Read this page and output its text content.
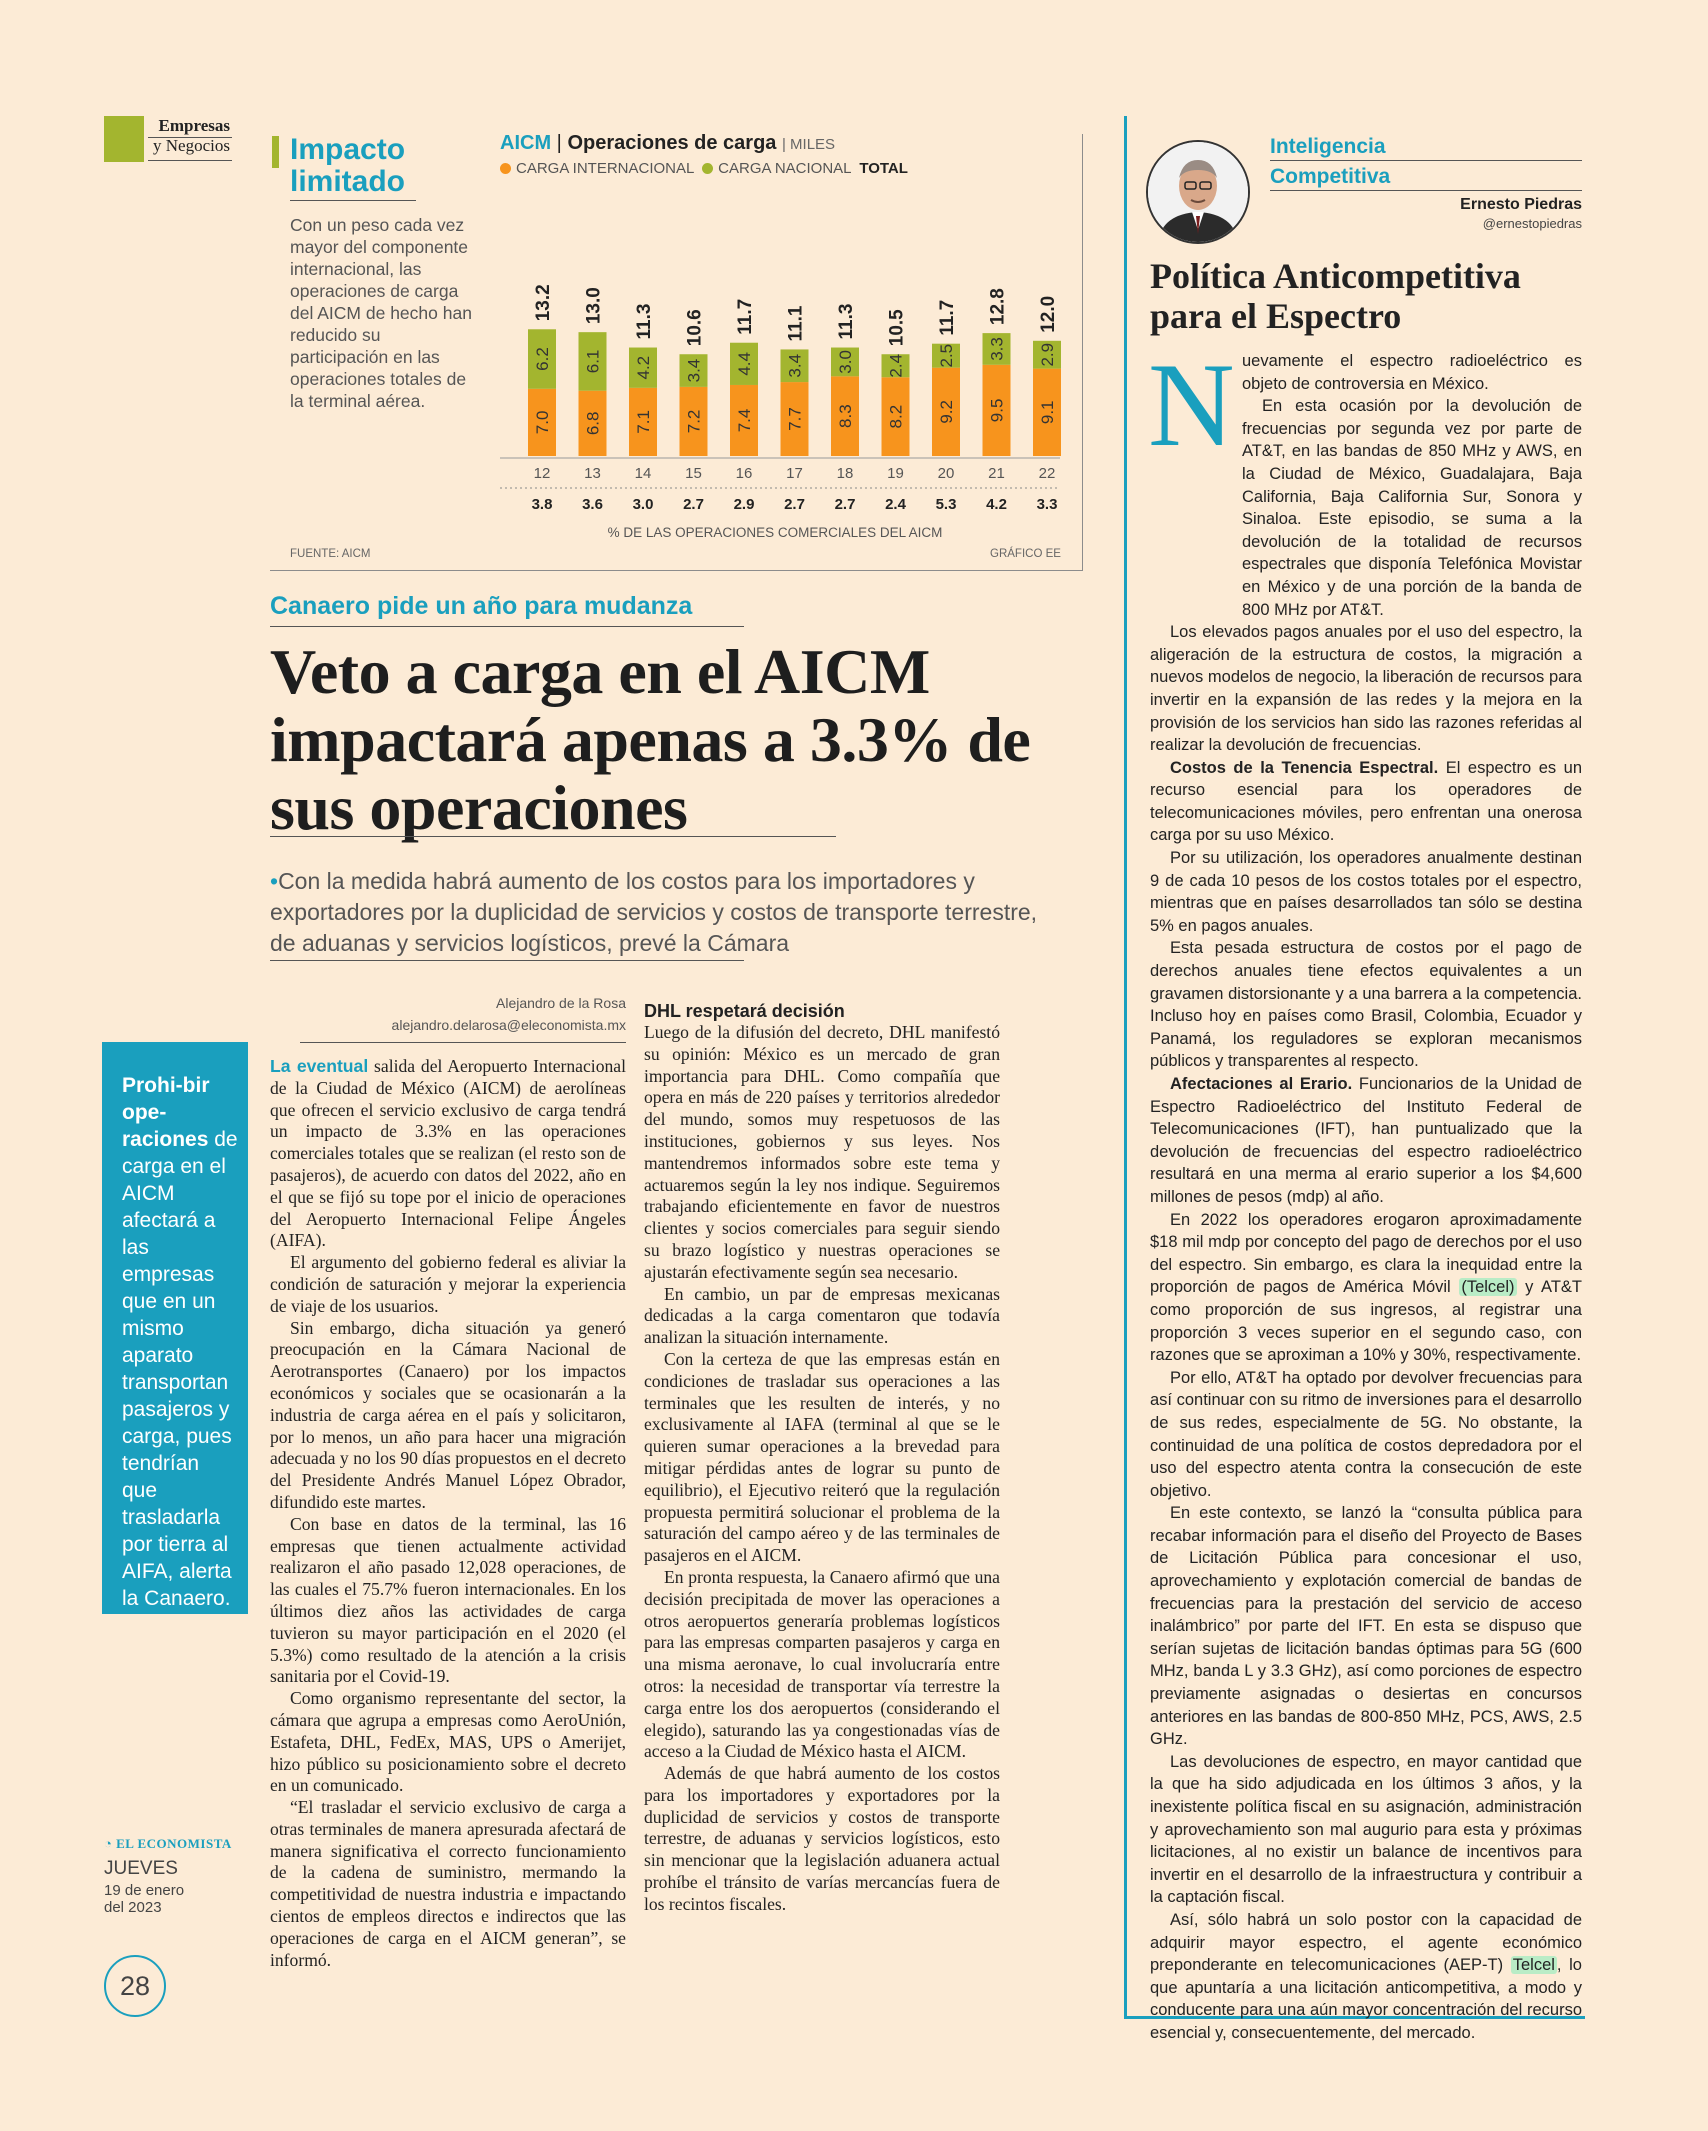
Empresas
y Negocios

Prohi-bir ope-raciones de carga en el AICM afectará a las empresas que en un mismo aparato transportan pasajeros y carga, pues tendrían que trasladarla por tierra al AIFA, alerta la Canaero.

◔ EL ECONOMISTA
JUEVES
19 de enero del 2023
28
Impacto limitado
Con un peso cada vez mayor del componente internacional, las operaciones de carga del AICM de hecho han reducido su participación en las operaciones totales de la terminal aérea.
FUENTE: AICM	GRÁFICO EE
AICM | Operaciones de carga | MILES
CARGA INTERNACIONAL CARGA NACIONAL TOTAL
7.0
6.2
13.2
12
3.8
6.8
6.1
13.0
13
3.6
7.1
4.2
11.3
14
3.0
7.2
3.4
10.6
15
2.7
7.4
4.4
11.7
16
2.9
7.7
3.4
11.1
17
2.7
8.3
3.0
11.3
18
2.7
8.2
2.4
10.5
19
2.4
9.2
2.5
11.7
20
5.3
9.5
3.3
12.8
21
4.2
9.1
2.9
12.0
22
3.3
% DE LAS OPERACIONES COMERCIALES DEL AICM
Canaero pide un año para mudanza
Veto a carga en el AICM impactará apenas a 3.3% de sus operaciones

•Con la medida habrá aumento de los costos para los importadores y exportadores por la duplicidad de servicios y costos de transporte terrestre, de aduanas y servicios logísticos, prevé la Cámara

Alejandro de la Rosa
alejandro.delarosa@eleconomista.mx

La eventual salida del Aeropuerto Internacional de la Ciudad de México (AICM) de aerolíneas que ofrecen el servicio exclusivo de carga tendrá un impacto de 3.3% en las operaciones comerciales totales que se realizan (el resto son de pasajeros), de acuerdo con datos del 2022, año en el que se fijó su tope por el inicio de operaciones del Aeropuerto Internacional Felipe Ángeles (AIFA).

El argumento del gobierno federal es aliviar la condición de saturación y mejorar la experiencia de viaje de los usuarios.

Sin embargo, dicha situación ya generó preocupación en la Cámara Nacional de Aerotransportes (Canaero) por los impactos económicos y sociales que se ocasionarán a la industria de carga aérea en el país y solicitaron, por lo menos, un año para hacer una migración adecuada y no los 90 días propuestos en el decreto del Presidente Andrés Manuel López Obrador, difundido este martes.

Con base en datos de la terminal, las 16 empresas que tienen actualmente actividad realizaron el año pasado 12,028 operaciones, de las cuales el 75.7% fueron internacionales. En los últimos diez años las actividades de carga tuvieron su mayor participación en el 2020 (el 5.3%) como resultado de la atención a la crisis sanitaria por el Covid-19.

Como organismo representante del sector, la cámara que agrupa a empresas como AeroUnión, Estafeta, DHL, FedEx, MAS, UPS o Amerijet, hizo público su posicionamiento sobre el decreto en un comunicado.

“El trasladar el servicio exclusivo de carga a otras terminales de manera apresurada afectará de manera significativa el correcto funcionamiento de la cadena de suministro, mermando la competitividad de nuestra industria e impactando cientos de empleos directos e indirectos que las operaciones de carga en el AICM generan”, se informó.

DHL respetará decisión

Luego de la difusión del decreto, DHL manifestó su opinión: México es un mercado de gran importancia para DHL. Como compañía que opera en más de 220 países y territorios alrededor del mundo, somos muy respetuosos de las instituciones, gobiernos y sus leyes. Nos mantendremos informados sobre este tema y actuaremos según la ley nos indique. Seguiremos trabajando eficientemente en favor de nuestros clientes y socios comerciales para seguir siendo su brazo logístico y nuestras operaciones se ajustarán efectivamente según sea necesario.

En cambio, un par de empresas mexicanas dedicadas a la carga comentaron que todavía analizan la situación internamente.

Con la certeza de que las empresas están en condiciones de trasladar sus operaciones a las terminales que les resulten de interés, y no exclusivamente al IAFA (terminal al que se le quieren sumar operaciones a la brevedad para mitigar pérdidas antes de lograr su punto de equilibrio), el Ejecutivo reiteró que la regulación propuesta permitirá solucionar el problema de la saturación del campo aéreo y de las terminales de pasajeros en el AICM.

En pronta respuesta, la Canaero afirmó que una decisión precipitada de mover las operaciones a otros aeropuertos generaría problemas logísticos para las empresas comparten pasajeros y carga en una misma aeronave, lo cual involucraría entre otros: la necesidad de transportar vía terrestre la carga entre los dos aeropuertos (considerando el elegido), saturando las ya congestionadas vías de acceso a la Ciudad de México hasta el AICM.

Además de que habrá aumento de los costos para los importadores y exportadores por la duplicidad de servicios y costos de transporte terrestre, de aduanas y servicios logísticos, esto sin mencionar que la legislación aduanera actual prohíbe el tránsito de varías mercancías fuera de los recintos fiscales.

Inteligencia
Competitiva
Ernesto Piedras
@ernestopiedras
Política Anticompetitiva para el Espectro
N uevamente el espectro radioeléctrico es objeto de controversia en México.

En esta ocasión por la devolución de frecuencias por segunda vez por parte de AT&T, en las bandas de 850 MHz y AWS, en la Ciudad de México, Guadalajara, Baja California, Baja California Sur, Sonora y Sinaloa. Este episodio, se suma a la devolución de la totalidad de recursos espectrales que disponía Telefónica Movistar en México y de una porción de la banda de 800 MHz por AT&T.

Los elevados pagos anuales por el uso del espectro, la aligeración de la estructura de costos, la migración a nuevos modelos de negocio, la liberación de recursos para invertir en la expansión de las redes y la mejora en la provisión de los servicios han sido las razones referidas al realizar la devolución de frecuencias.

Costos de la Tenencia Espectral. El espectro es un recurso esencial para los operadores de telecomunicaciones móviles, pero enfrentan una onerosa carga por su uso México.

Por su utilización, los operadores anualmente destinan 9 de cada 10 pesos de los costos totales por el espectro, mientras que en países desarrollados tan sólo se destina 5% en pagos anuales.

Esta pesada estructura de costos por el pago de derechos anuales tiene efectos equivalentes a un gravamen distorsionante y a una barrera a la competencia. Incluso hoy en países como Brasil, Colombia, Ecuador y Panamá, los reguladores se exploran mecanismos públicos y transparentes al respecto.

Afectaciones al Erario. Funcionarios de la Unidad de Espectro Radioeléctrico del Instituto Federal de Telecomunicaciones (IFT), han puntualizado que la devolución de frecuencias del espectro radioeléctrico resultará en una merma al erario superior a los $4,600 millones de pesos (mdp) al año.

En 2022 los operadores erogaron aproximadamente $18 mil mdp por concepto del pago de derechos por el uso del espectro. Sin embargo, es clara la inequidad entre la proporción de pagos de América Móvil (Telcel) y AT&T como proporción de sus ingresos, al registrar una proporción 3 veces superior en el segundo caso, con razones que se aproximan a 10% y 30%, respectivamente.

Por ello, AT&T ha optado por devolver frecuencias para así continuar con su ritmo de inversiones para el desarrollo de sus redes, especialmente de 5G. No obstante, la continuidad de una política de costos depredadora por el uso del espectro atenta contra la consecución de este objetivo.

En este contexto, se lanzó la “consulta pública para recabar información para el diseño del Proyecto de Bases de Licitación Pública para concesionar el uso, aprovechamiento y explotación comercial de bandas de frecuencias para la prestación del servicio de acceso inalámbrico” por parte del IFT. En esta se dispuso que serían sujetas de licitación bandas óptimas para 5G (600 MHz, banda L y 3.3 GHz), así como porciones de espectro previamente asignadas o desiertas en concursos anteriores en las bandas de 800-850 MHz, PCS, AWS, 2.5 GHz.

Las devoluciones de espectro, en mayor cantidad que la que ha sido adjudicada en los últimos 3 años, y la inexistente política fiscal en su asignación, administración y aprovechamiento son mal augurio para esta y próximas licitaciones, al no existir un balance de incentivos para invertir en el desarrollo de la infraestructura y contribuir a la captación fiscal.

Así, sólo habrá un solo postor con la capacidad de adquirir mayor espectro, el agente económico preponderante en telecomunicaciones (AEP-T) Telcel , lo que apuntaría a una licitación anticompetitiva, a modo y conducente para una aún mayor concentración del recurso esencial y, consecuentemente, del mercado.
